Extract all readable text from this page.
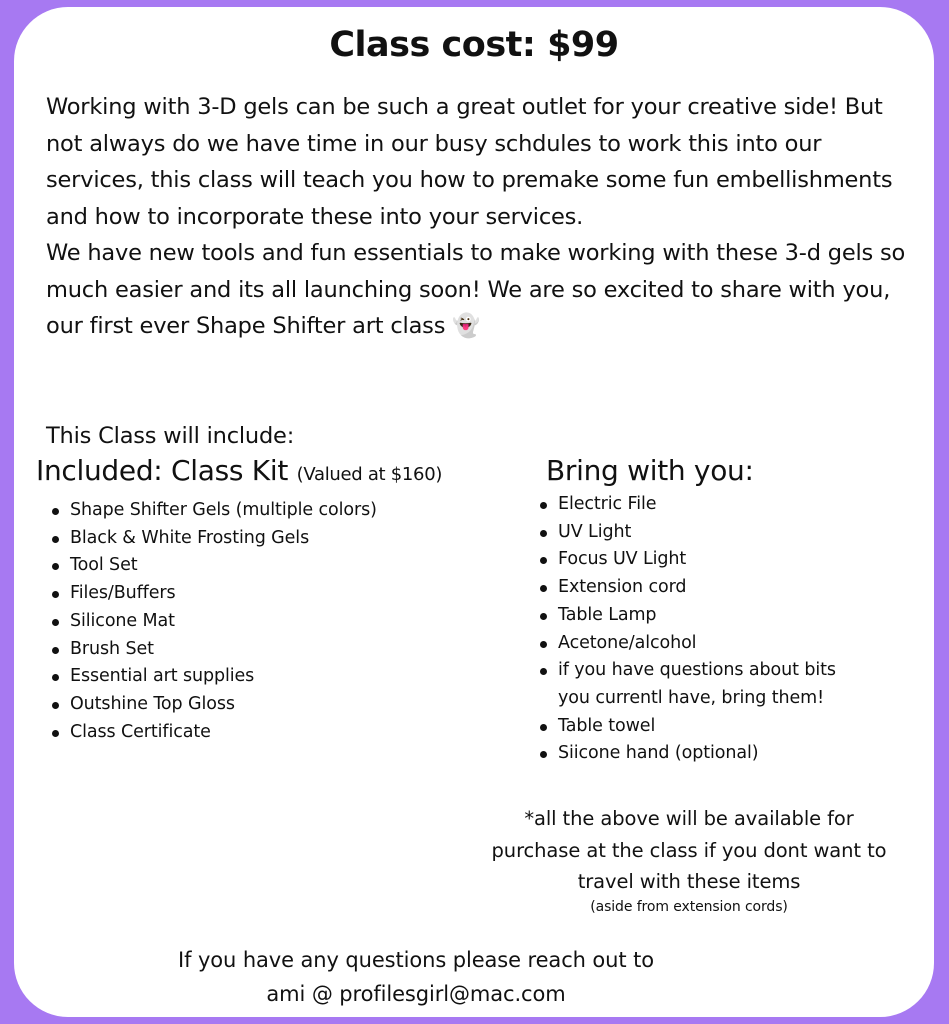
Class cost: $99

Working with 3-D gels can be such a great outlet for your creative side! But not always do we have time in our busy schdules to work this into our services, this class will teach you how to premake some fun embellishments and how to incorporate these into your services.

We have new tools and fun essentials to make working with these 3-d gels so much easier and its all launching soon! We are so excited to share with you, our first ever Shape Shifter art class 👻

This Class will include:
Included: Class Kit (Valued at $160)
Shape Shifter Gels (multiple colors)
Black & White Frosting Gels
Tool Set
Files/Buffers
Silicone Mat
Brush Set
Essential art supplies
Outshine Top Gloss
Class Certificate
Bring with you:
Electric File
UV Light
Focus UV Light
Extension cord
Table Lamp
Acetone/alcohol
if you have questions about bits you currentl have, bring them!
Table towel
Siicone hand (optional)
*all the above will be available for purchase at the class if you dont want to travel with these items
(aside from extension cords)
If you have any questions please reach out to
ami @ profilesgirl@mac.com
